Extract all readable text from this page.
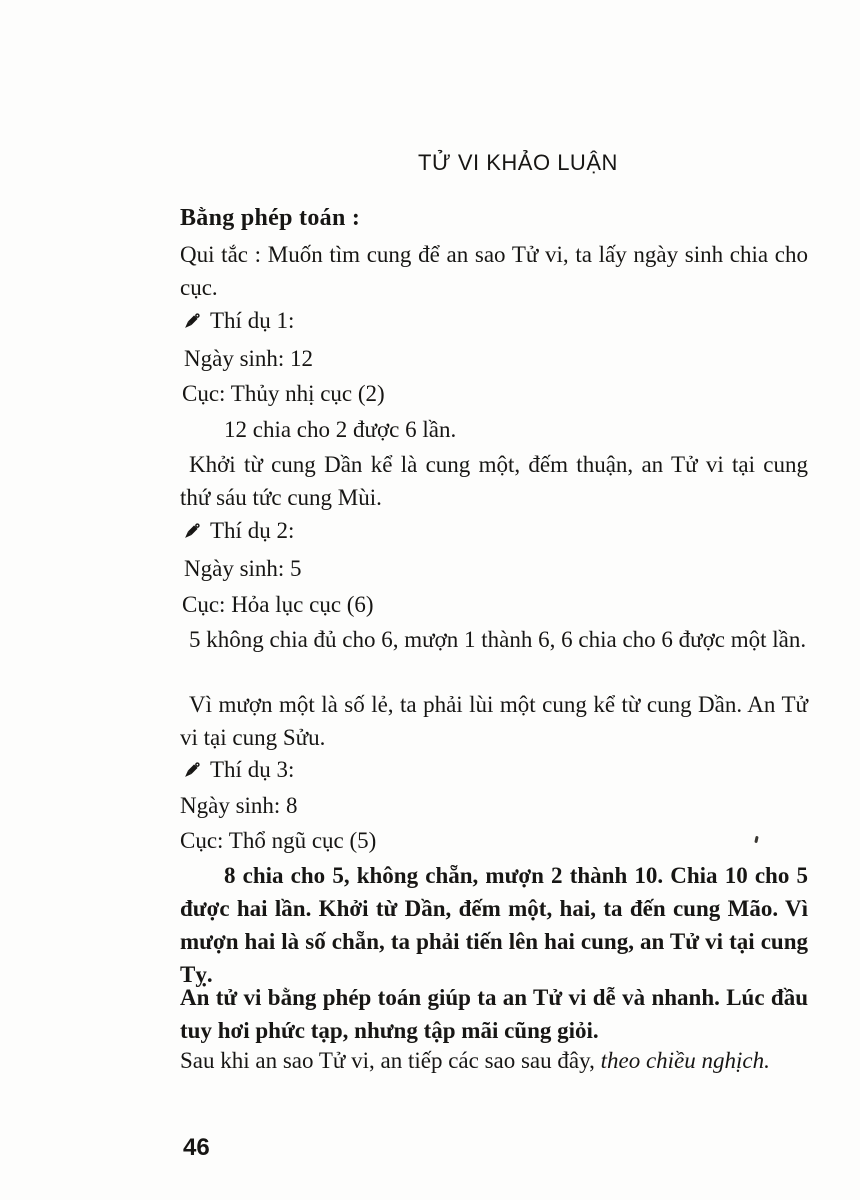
TỬ VI KHẢO LUẬN
Bằng phép toán :
Qui tắc : Muốn tìm cung để an sao Tử vi, ta lấy ngày sinh chia cho cục.
Thí dụ 1:
Ngày sinh: 12
Cục: Thủy nhị cục (2)
12 chia cho 2 được 6 lần.
Khởi từ cung Dần kể là cung một, đếm thuận, an Tử vi tại cung thứ sáu tức cung Mùi.
Thí dụ 2:
Ngày sinh: 5
Cục: Hỏa lục cục (6)
5 không chia đủ cho 6, mượn 1 thành 6, 6 chia cho 6 được một lần.
Vì mượn một là số lẻ, ta phải lùi một cung kể từ cung Dần. An Tử vi tại cung Sửu.
Thí dụ 3:
Ngày sinh: 8
Cục: Thổ ngũ cục (5)
8 chia cho 5, không chẵn, mượn 2 thành 10. Chia 10 cho 5 được hai lần. Khởi từ Dần, đếm một, hai, ta đến cung Mão. Vì mượn hai là số chẵn, ta phải tiến lên hai cung, an Tử vi tại cung Tỵ.
An tử vi bằng phép toán giúp ta an Tử vi dễ và nhanh. Lúc đầu tuy hơi phức tạp, nhưng tập mãi cũng giỏi.
Sau khi an sao Tử vi, an tiếp các sao sau đây, theo chiều nghịch.
46
